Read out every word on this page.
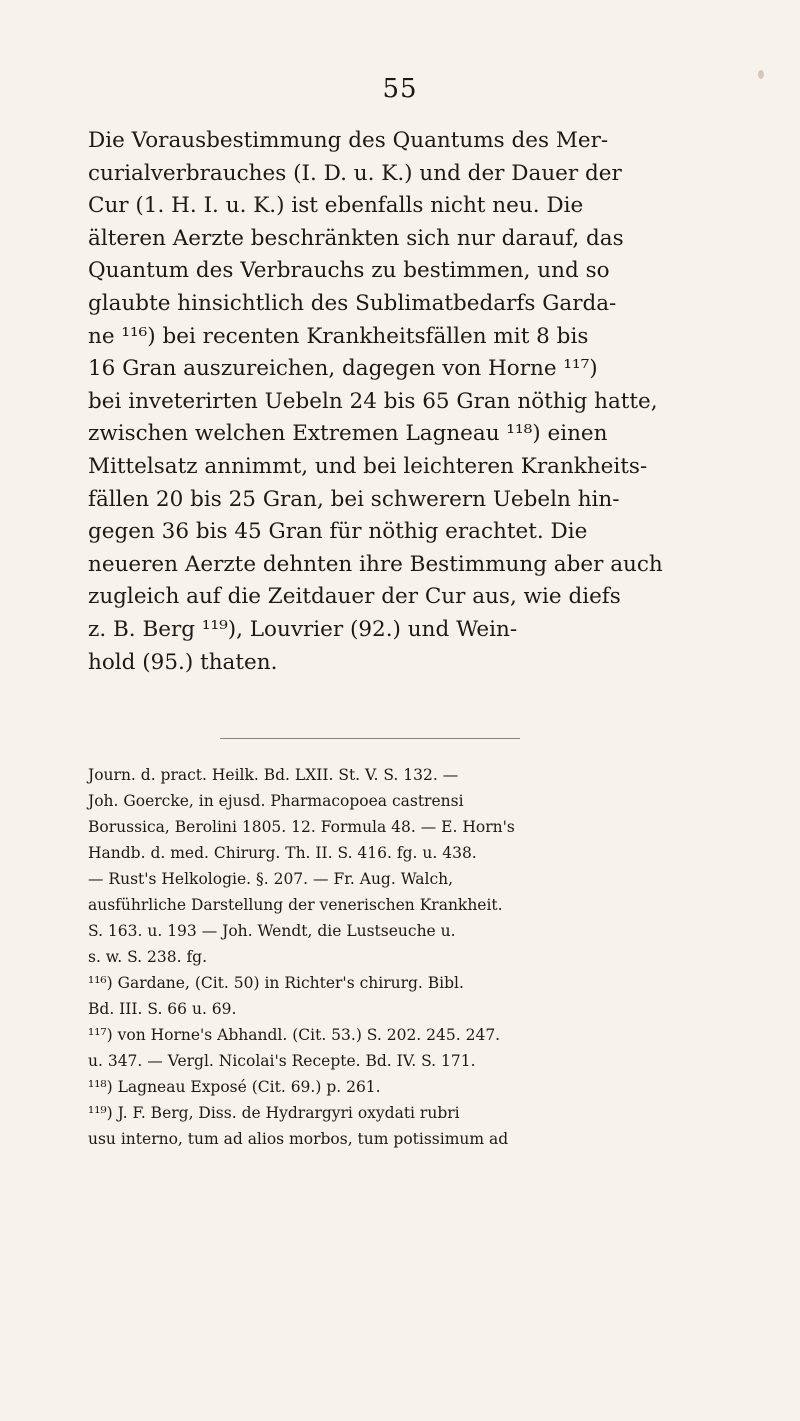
55
Die Vorausbestimmung des Quantums des Mer-
curialverbrauches (I. D. u. K.) und der Dauer der
Cur (1. H. I. u. K.) ist ebenfalls nicht neu. Die
älteren Aerzte beschränkten sich nur darauf, das
Quantum des Verbrauchs zu bestimmen, und so
glaubte hinsichtlich des Sublimatbedarfs Garda-
ne ¹¹⁶) bei recenten Krankheitsfällen mit 8 bis
16 Gran auszureichen, dagegen von Horne ¹¹⁷)
bei inveterirten Uebeln 24 bis 65 Gran nöthig hatte,
zwischen welchen Extremen Lagneau ¹¹⁸) einen
Mittelsatz annimmt, und bei leichteren Krankheits-
fällen 20 bis 25 Gran, bei schwerern Uebeln hin-
gegen 36 bis 45 Gran für nöthig erachtet. Die
neueren Aerzte dehnten ihre Bestimmung aber auch
zugleich auf die Zeitdauer der Cur aus, wie diefs
z. B. Berg ¹¹⁹), Louvrier (92.) und Wein-
hold (95.) thaten.
Journ. d. pract. Heilk. Bd. LXII. St. V. S. 132. —
Joh. Goercke, in ejusd. Pharmacopoea castrensi
Borussica, Berolini 1805. 12. Formula 48. — E. Horn's
Handb. d. med. Chirurg. Th. II. S. 416. fg. u. 438.
— Rust's Helkologie. §. 207. — Fr. Aug. Walch,
ausführliche Darstellung der venerischen Krankheit.
S. 163. u. 193 — Joh. Wendt, die Lustseuche u.
s. w. S. 238. fg.
¹¹⁶) Gardane, (Cit. 50) in Richter's chirurg. Bibl.
Bd. III. S. 66 u. 69.
¹¹⁷) von Horne's Abhandl. (Cit. 53.) S. 202. 245. 247.
u. 347. — Vergl. Nicolai's Recepte. Bd. IV. S. 171.
¹¹⁸) Lagneau Exposé (Cit. 69.) p. 261.
¹¹⁹) J. F. Berg, Diss. de Hydrargyri oxydati rubri
usu interno, tum ad alios morbos, tum potissimum ad
